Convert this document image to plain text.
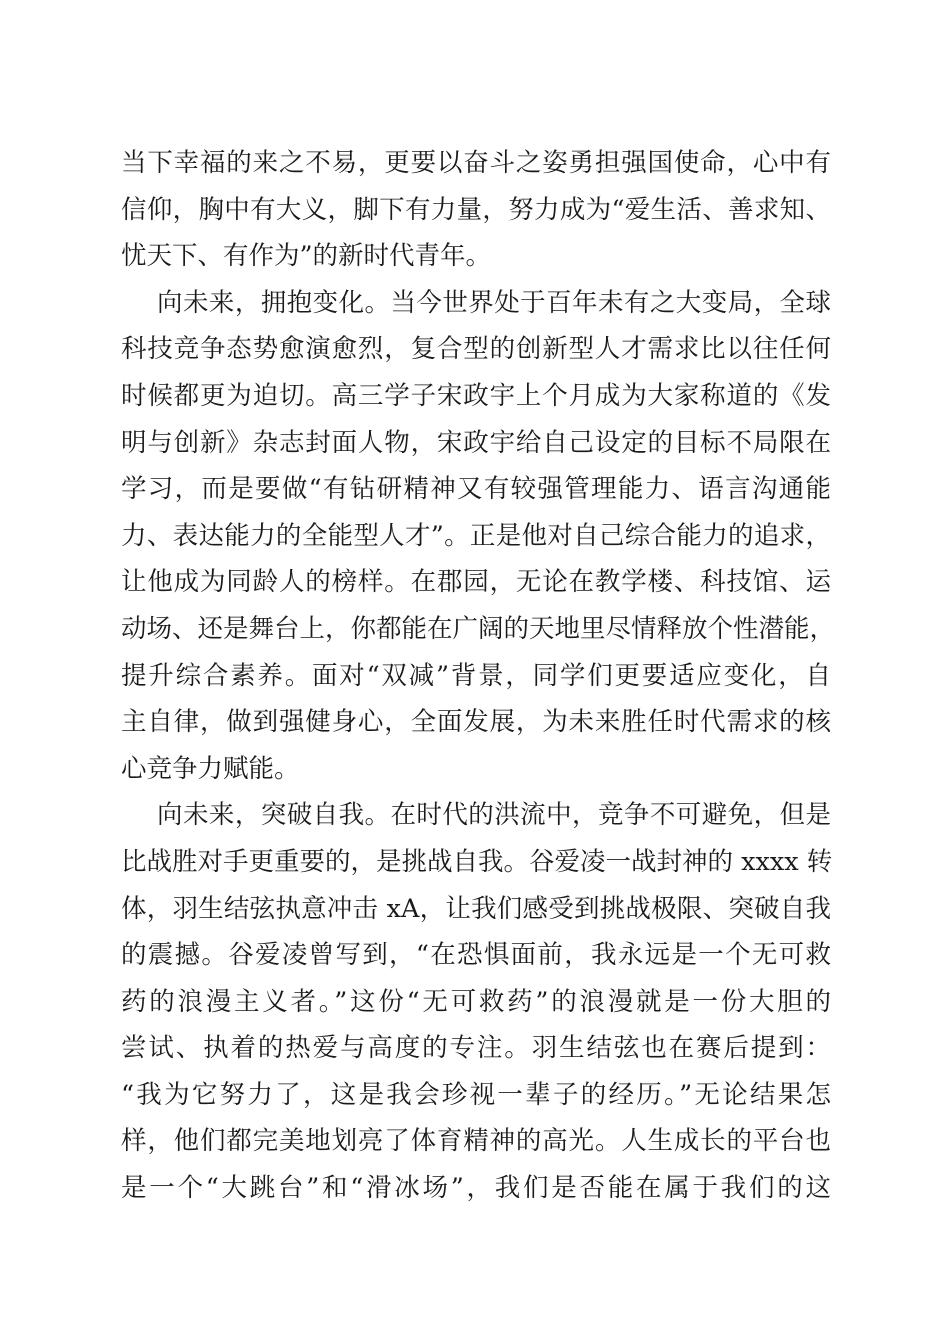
当下幸福的来之不易，更要以奋斗之姿勇担强国使命，心中有
信仰，胸中有大义，脚下有力量，努力成为“爱生活、善求知、
忧天下、有作为”的新时代青年。
向未来，拥抱变化。当今世界处于百年未有之大变局，全球
科技竞争态势愈演愈烈，复合型的创新型人才需求比以往任何
时候都更为迫切。高三学子宋政宇上个月成为大家称道的《发
明与创新》杂志封面人物，宋政宇给自己设定的目标不局限在
学习，而是要做“有钻研精神又有较强管理能力、语言沟通能
力、表达能力的全能型人才”。正是他对自己综合能力的追求，
让他成为同龄人的榜样。在郡园，无论在教学楼、科技馆、运
动场、还是舞台上，你都能在广阔的天地里尽情释放个性潜能，
提升综合素养。面对“双减”背景，同学们更要适应变化，自
主自律，做到强健身心，全面发展，为未来胜任时代需求的核
心竞争力赋能。
向未来，突破自我。在时代的洪流中，竞争不可避免，但是
比战胜对手更重要的，是挑战自我。谷爱凌一战封神的 xxxx 转
体，羽生结弦执意冲击 xA，让我们感受到挑战极限、突破自我
的震撼。谷爱凌曾写到，“在恐惧面前，我永远是一个无可救
药的浪漫主义者。”这份“无可救药”的浪漫就是一份大胆的
尝试、执着的热爱与高度的专注。羽生结弦也在赛后提到：
“我为它努力了，这是我会珍视一辈子的经历。”无论结果怎
样，他们都完美地划亮了体育精神的高光。人生成长的平台也
是一个“大跳台”和“滑冰场”，我们是否能在属于我们的这
